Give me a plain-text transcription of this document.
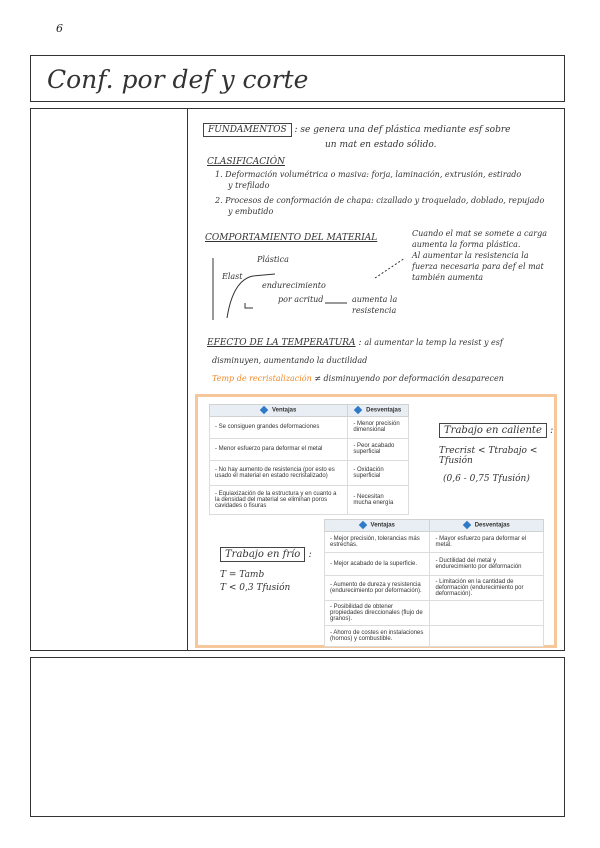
6
Conf. por def y corte
FUNDAMENTOS : se genera una def plástica mediante esf sobre
un mat en estado sólido.
CLASIFICACIÓN
1. Deformación volumétrica o masiva: forja, laminación, extrusión, estirado
y trefilado
2. Procesos de conformación de chapa: cizallado y troquelado, doblado, repujado
y embutido
COMPORTAMIENTO DEL MATERIAL	Cuando el mat se somete a carga
aumenta la forma plástica.
Al aumentar la resistencia la
fuerza necesaria para def el mat
también aumenta
Plástica
Elast
endurecimiento
por acritud	aumenta la
resistencia
EFECTO DE LA TEMPERATURA : al aumentar la temp la resist y esf
disminuyen, aumentando la ductilidad
Temp de recristalización ≠ disminuyendo por deformación desaparecen
Ventajas	Desventajas
- Se consiguen grandes deformaciones	- Menor precisión dimensional
- Menor esfuerzo para deformar el metal	- Peor acabado superficial
- No hay aumento de resistencia (por esto es usado el material en estado recristalizado)	- Oxidación superficial
- Equiaxización de la estructura y en cuanto a la densidad del material se eliminan poros cavidades o fisuras	- Necesitan mucha energía
Trabajo en caliente :
Trecrist < Ttrabajo < Tfusión
(0,6 - 0,75 Tfusión)
Ventajas	Desventajas
- Mejor precisión, tolerancias más estrechas.	- Mayor esfuerzo para deformar el metal.
- Mejor acabado de la superficie.	- Ductilidad del metal y endurecimiento por deformación
- Aumento de dureza y resistencia (endurecimiento por deformación).	- Limitación en la cantidad de deformación (endurecimiento por deformación).
- Posibilidad de obtener propiedades direccionales (flujo de granos).	
- Ahorro de costes en instalaciones (hornos) y combustible.	
Trabajo en frío :
T = Tamb
T < 0,3 Tfusión
